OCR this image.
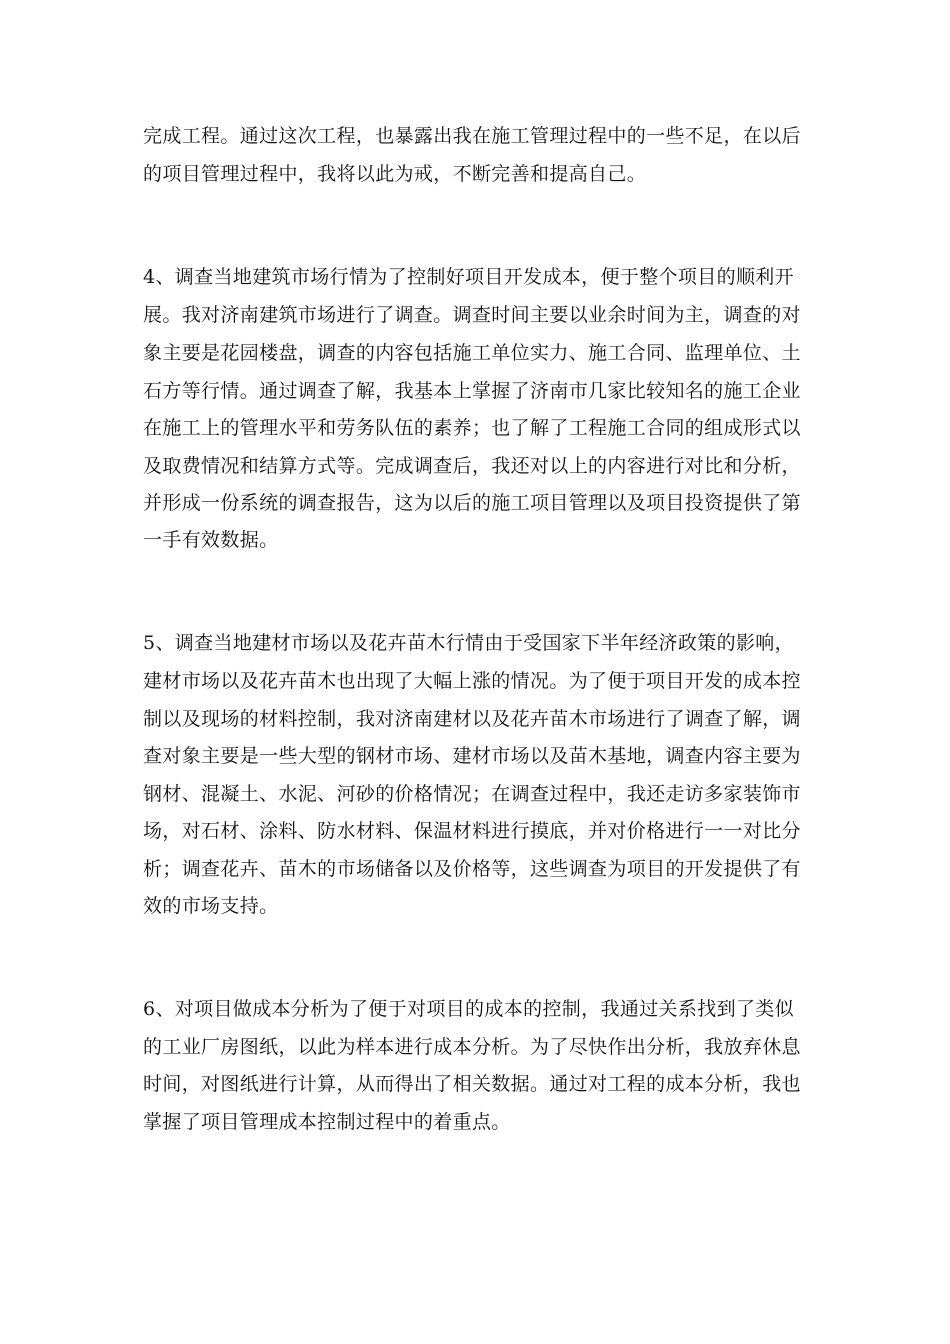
完成工程。通过这次工程，也暴露出我在施工管理过程中的一些不足，在以后
的项目管理过程中，我将以此为戒，不断完善和提高自己。
4、调查当地建筑市场行情为了控制好项目开发成本，便于整个项目的顺利开
展。我对济南建筑市场进行了调查。调查时间主要以业余时间为主，调查的对
象主要是花园楼盘，调查的内容包括施工单位实力、施工合同、监理单位、土
石方等行情。通过调查了解，我基本上掌握了济南市几家比较知名的施工企业
在施工上的管理水平和劳务队伍的素养；也了解了工程施工合同的组成形式以
及取费情况和结算方式等。完成调查后，我还对以上的内容进行对比和分析，
并形成一份系统的调查报告，这为以后的施工项目管理以及项目投资提供了第
一手有效数据。
5、调查当地建材市场以及花卉苗木行情由于受国家下半年经济政策的影响，
建材市场以及花卉苗木也出现了大幅上涨的情况。为了便于项目开发的成本控
制以及现场的材料控制，我对济南建材以及花卉苗木市场进行了调查了解，调
查对象主要是一些大型的钢材市场、建材市场以及苗木基地，调查内容主要为
钢材、混凝土、水泥、河砂的价格情况；在调查过程中，我还走访多家装饰市
场，对石材、涂料、防水材料、保温材料进行摸底，并对价格进行一一对比分
析；调查花卉、苗木的市场储备以及价格等，这些调查为项目的开发提供了有
效的市场支持。
6、对项目做成本分析为了便于对项目的成本的控制，我通过关系找到了类似
的工业厂房图纸，以此为样本进行成本分析。为了尽快作出分析，我放弃休息
时间，对图纸进行计算，从而得出了相关数据。通过对工程的成本分析，我也
掌握了项目管理成本控制过程中的着重点。
